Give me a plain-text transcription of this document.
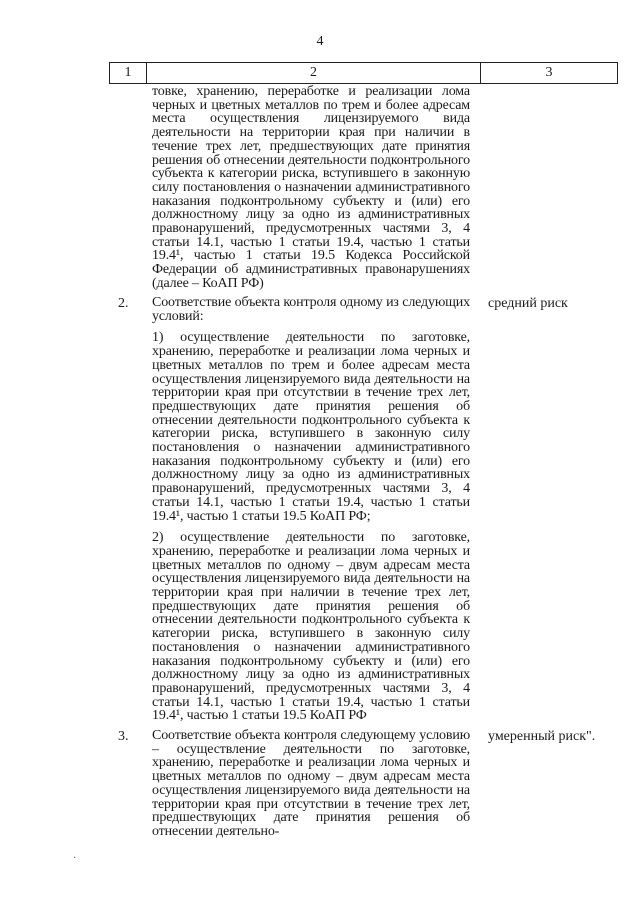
4
1	2	3
товке, хранению, переработке и реализации лома черных и цветных металлов по трем и более адресам места осуществления лицензируемого вида деятельности на территории края при наличии в течение трех лет, предшествующих дате принятия решения об отнесении деятельности подконтрольного субъекта к категории риска, вступившего в законную силу постановления о назначении административного наказания подконтрольному субъекту и (или) его должностному лицу за одно из административных правонарушений, предусмотренных частями 3, 4 статьи 14.1, частью 1 статьи 19.4, частью 1 статьи 19.4¹, частью 1 статьи 19.5 Кодекса Российской Федерации об административных правонарушениях (далее – КоАП РФ)
2. Соответствие объекта контроля одному из следующих условий:
1) осуществление деятельности по заготовке, хранению, переработке и реализации лома черных и цветных металлов по трем и более адресам места осуществления лицензируемого вида деятельности на территории края при отсутствии в течение трех лет, предшествующих дате принятия решения об отнесении деятельности подконтрольного субъекта к категории риска, вступившего в законную силу постановления о назначении административного наказания подконтрольному субъекту и (или) его должностному лицу за одно из административных правонарушений, предусмотренных частями 3, 4 статьи 14.1, частью 1 статьи 19.4, частью 1 статьи 19.4¹, частью 1 статьи 19.5 КоАП РФ;
2) осуществление деятельности по заготовке, хранению, переработке и реализации лома черных и цветных металлов по одному – двум адресам места осуществления лицензируемого вида деятельности на территории края при наличии в течение трех лет, предшествующих дате принятия решения об отнесении деятельности подконтрольного субъекта к категории риска, вступившего в законную силу постановления о назначении административного наказания подконтрольному субъекту и (или) его должностному лицу за одно из административных правонарушений, предусмотренных частями 3, 4 статьи 14.1, частью 1 статьи 19.4, частью 1 статьи 19.4¹, частью 1 статьи 19.5 КоАП РФ
средний риск
3. Соответствие объекта контроля следующему условию – осуществление деятельности по заготовке, хранению, переработке и реализации лома черных и цветных металлов по одному – двум адресам места осуществления лицензируемого вида деятельности на территории края при отсутствии в течение трех лет, предшествующих дате принятия решения об отнесении деятельно-
умеренный риск".
·
